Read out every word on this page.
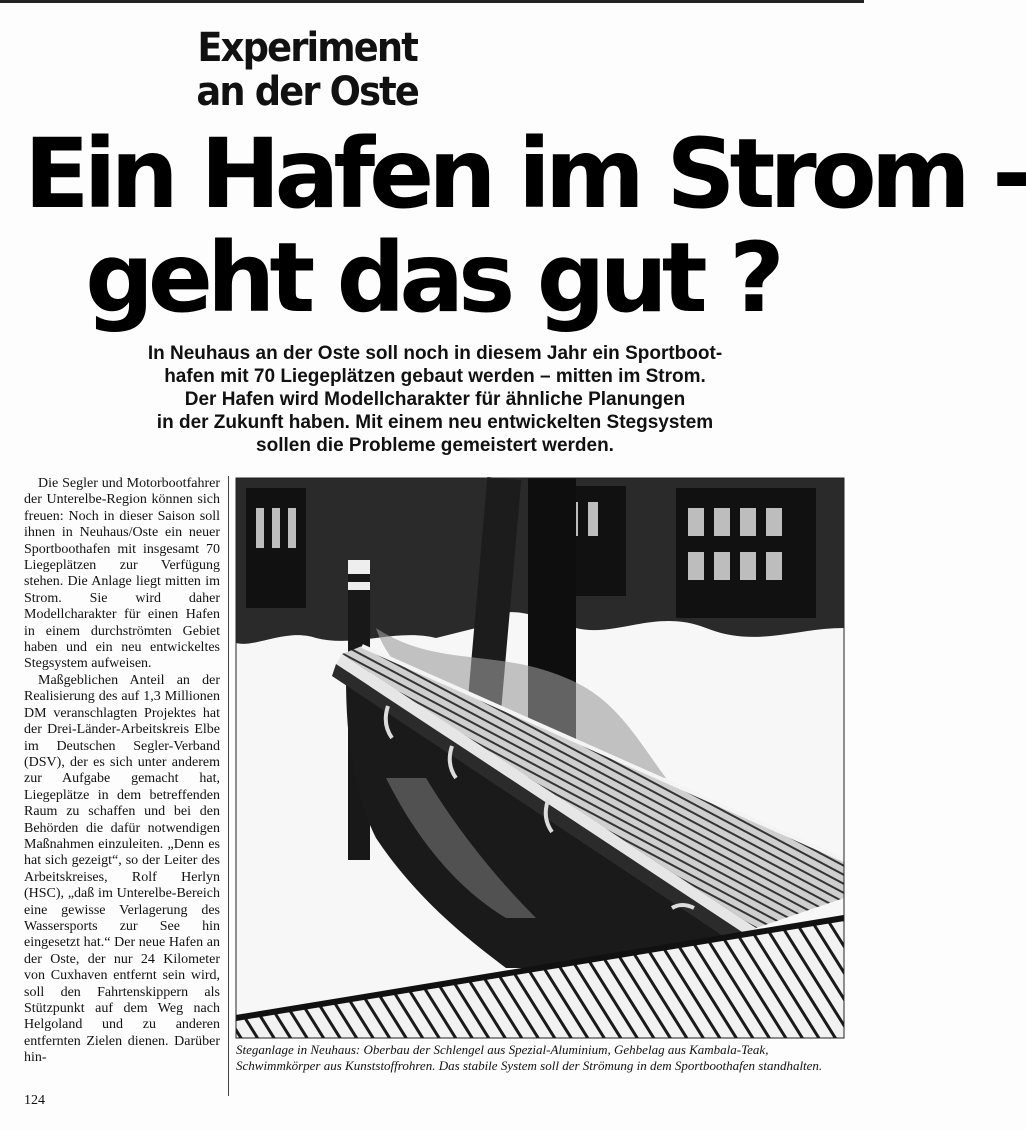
Experiment
an der Oste
Ein Hafen im Strom -
geht das gut ?
In Neuhaus an der Oste soll noch in diesem Jahr ein Sportboot-
hafen mit 70 Liegeplätzen gebaut werden – mitten im Strom.
Der Hafen wird Modellcharakter für ähnliche Planungen
in der Zukunft haben. Mit einem neu entwickelten Stegsystem
sollen die Probleme gemeistert werden.

Die Segler und Motorbootfahrer der Unterelbe-Region können sich freuen: Noch in dieser Saison soll ihnen in Neuhaus/Oste ein neuer Sportboothafen mit insgesamt 70 Liegeplätzen zur Verfügung stehen. Die Anlage liegt mitten im Strom. Sie wird daher Modellcharakter für einen Hafen in einem durchströmten Gebiet haben und ein neu entwickeltes Stegsystem aufweisen.

Maßgeblichen Anteil an der Realisierung des auf 1,3 Millionen DM veranschlagten Projektes hat der Drei-Länder-Arbeitskreis Elbe im Deutschen Segler-Verband (DSV), der es sich unter anderem zur Aufgabe gemacht hat, Liegeplätze in dem betreffenden Raum zu schaffen und bei den Behörden die dafür notwendigen Maßnahmen einzuleiten. „Denn es hat sich gezeigt“, so der Leiter des Arbeitskreises, Rolf Herlyn (HSC), „daß im Unterelbe-Bereich eine gewisse Verlagerung des Wassersports zur See hin eingesetzt hat.“ Der neue Hafen an der Oste, der nur 24 Kilometer von Cuxhaven entfernt sein wird, soll den Fahrtenskippern als Stützpunkt auf dem Weg nach Helgoland und zu anderen entfernten Zielen dienen. Darüber hin-

Steganlage in Neuhaus: Oberbau der Schlengel aus Spezial-Aluminium, Gehbelag aus Kambala-Teak, Schwimmkörper aus Kunststoffrohren. Das stabile System soll der Strömung in dem Sportboothafen standhalten.
124
